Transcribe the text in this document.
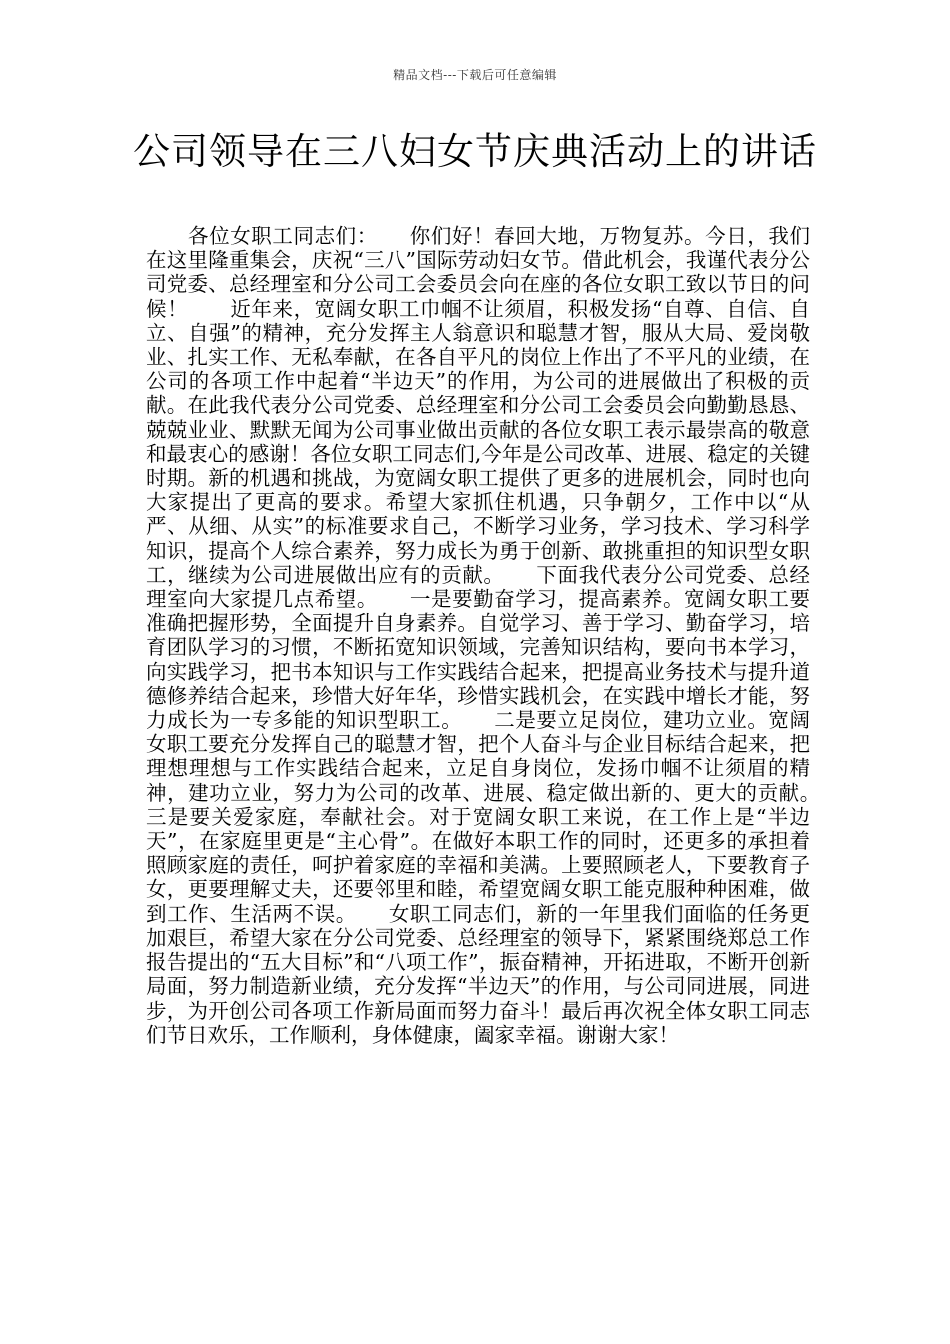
精品文档---下载后可任意编辑
公司领导在三八妇女节庆典活动上的讲话

各位女职工同志们：　　你们好！春回大地，万物复苏。今日，我们在这里隆重集会，庆祝“三八”国际劳动妇女节。借此机会，我谨代表分公司党委、总经理室和分公司工会委员会向在座的各位女职工致以节日的问候！　　近年来，宽阔女职工巾帼不让须眉，积极发扬“自尊、自信、自立、自强”的精神，充分发挥主人翁意识和聪慧才智，服从大局、爱岗敬业、扎实工作、无私奉献，在各自平凡的岗位上作出了不平凡的业绩，在公司的各项工作中起着“半边天”的作用，为公司的进展做出了积极的贡献。在此我代表分公司党委、总经理室和分公司工会委员会向勤勤恳恳、兢兢业业、默默无闻为公司事业做出贡献的各位女职工表示最崇高的敬意和最衷心的感谢！各位女职工同志们,今年是公司改革、进展、稳定的关键时期。新的机遇和挑战，为宽阔女职工提供了更多的进展机会，同时也向大家提出了更高的要求。希望大家抓住机遇，只争朝夕，工作中以“从严、从细、从实”的标准要求自己，不断学习业务，学习技术、学习科学知识，提高个人综合素养，努力成长为勇于创新、敢挑重担的知识型女职工，继续为公司进展做出应有的贡献。　　下面我代表分公司党委、总经理室向大家提几点希望。　　一是要勤奋学习，提高素养。宽阔女职工要准确把握形势，全面提升自身素养。自觉学习、善于学习、勤奋学习，培育团队学习的习惯，不断拓宽知识领域，完善知识结构，要向书本学习，向实践学习，把书本知识与工作实践结合起来，把提高业务技术与提升道德修养结合起来，珍惜大好年华，珍惜实践机会，在实践中增长才能，努力成长为一专多能的知识型职工。　　二是要立足岗位，建功立业。宽阔女职工要充分发挥自己的聪慧才智，把个人奋斗与企业目标结合起来，把理想理想与工作实践结合起来，立足自身岗位，发扬巾帼不让须眉的精神，建功立业，努力为公司的改革、进展、稳定做出新的、更大的贡献。　　三是要关爱家庭，奉献社会。对于宽阔女职工来说，在工作上是“半边天”，在家庭里更是“主心骨”。在做好本职工作的同时，还更多的承担着照顾家庭的责任，呵护着家庭的幸福和美满。上要照顾老人，下要教育子女，更要理解丈夫，还要邻里和睦，希望宽阔女职工能克服种种困难，做到工作、生活两不误。　　女职工同志们，新的一年里我们面临的任务更加艰巨，希望大家在分公司党委、总经理室的领导下，紧紧围绕郑总工作报告提出的“五大目标”和“八项工作”，振奋精神，开拓进取，不断开创新局面，努力制造新业绩，充分发挥“半边天”的作用，与公司同进展，同进步，为开创公司各项工作新局面而努力奋斗！最后再次祝全体女职工同志们节日欢乐，工作顺利，身体健康，阖家幸福。谢谢大家！
